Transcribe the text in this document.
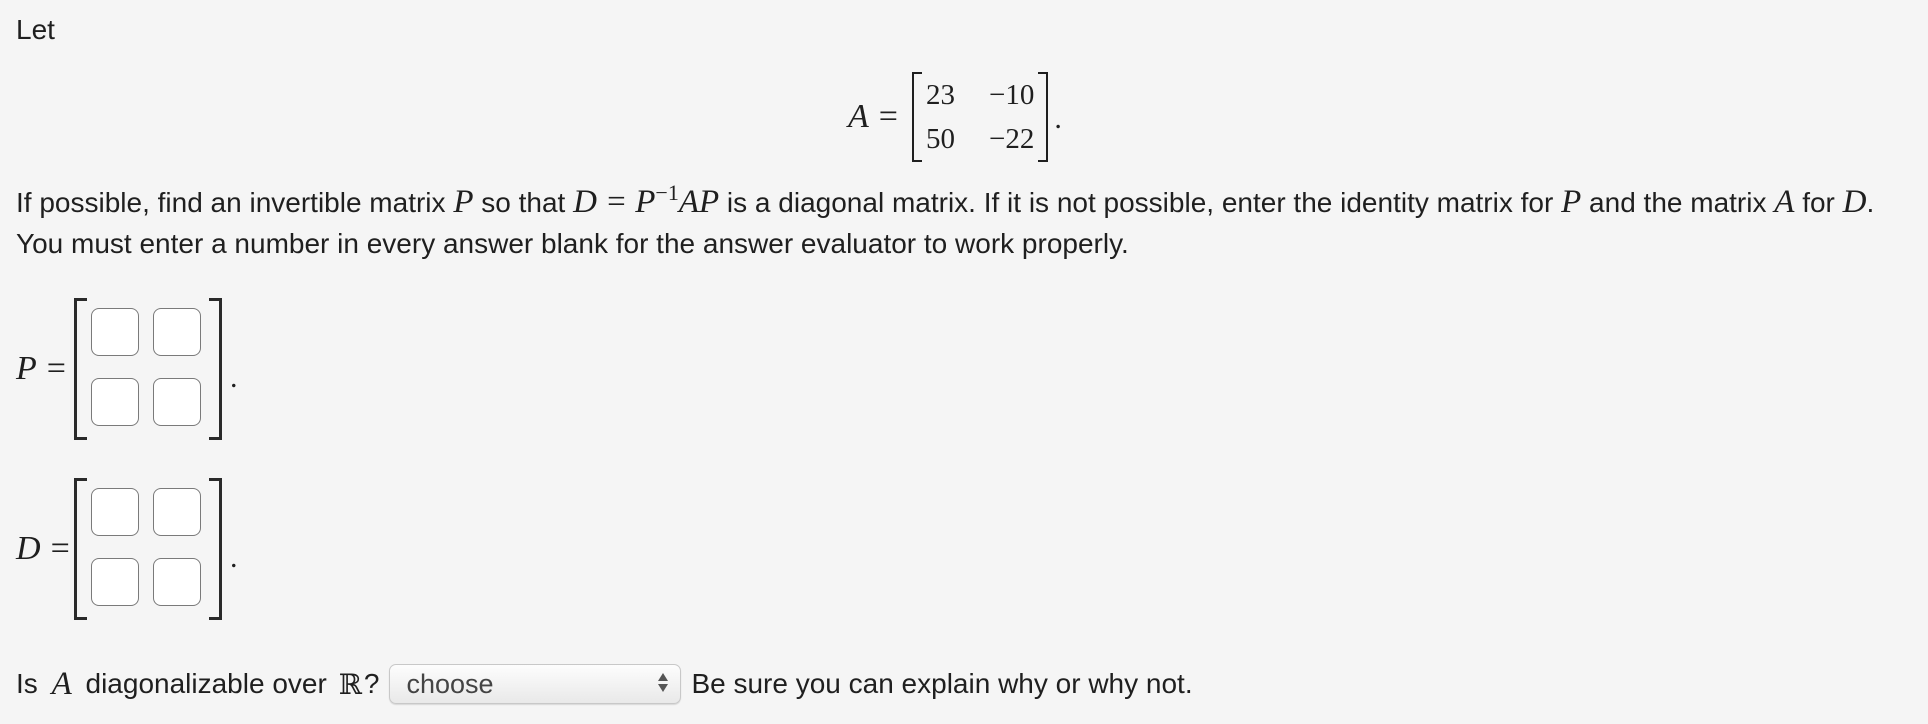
Let
A =
23 −10
50 −22
.
If possible, find an invertible matrix P so that $D = P^{-1}AP$ is a diagonal matrix. If it is not possible, enter the identity matrix for P and the matrix A for D. You must enter a number in every answer blank for the answer evaluator to work properly.
P =	.
D =	.
Is A diagonalizable over ℝ ? choose	Be sure you can explain why or why not.
